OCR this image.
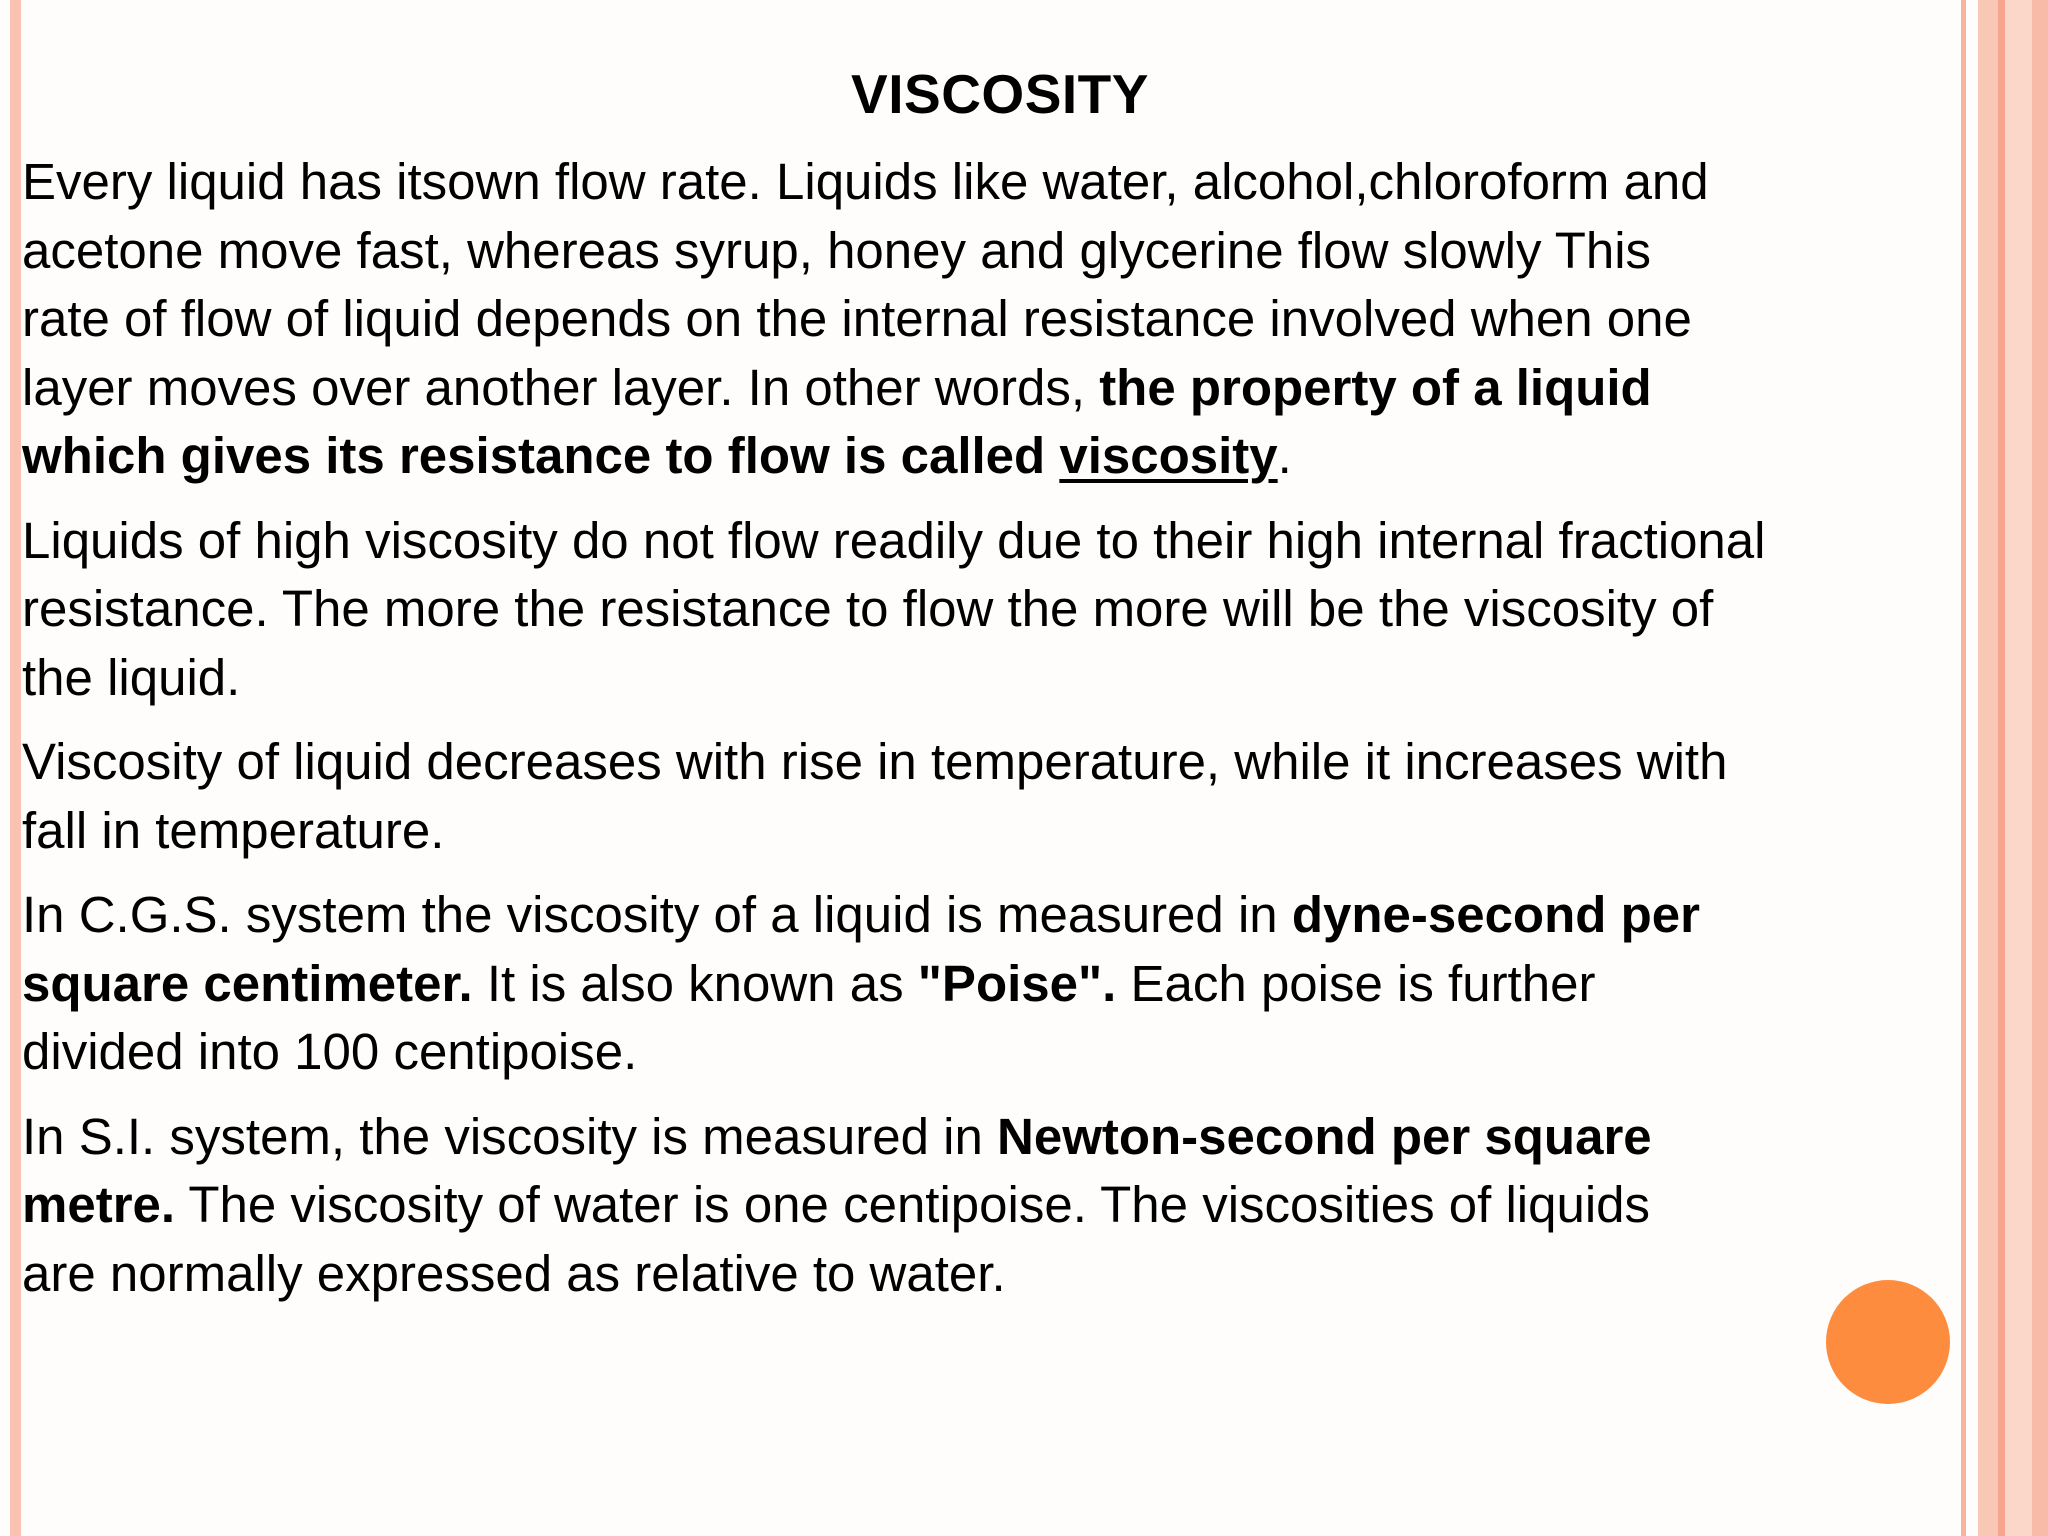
VISCOSITY

Every liquid has itsown flow rate. Liquids like water, alcohol,chloroform and
acetone move fast, whereas syrup, honey and glycerine flow slowly This
rate of flow of liquid depends on the internal resistance involved when one
layer moves over another layer. In other words, the property of a liquid
which gives its resistance to flow is called viscosity.

Liquids of high viscosity do not flow readily due to their high internal fractional
resistance. The more the resistance to flow the more will be the viscosity of
the liquid.

Viscosity of liquid decreases with rise in temperature, while it increases with
fall in temperature.

In C.G.S. system the viscosity of a liquid is measured in dyne-second per
square centimeter. It is also known as "Poise". Each poise is further
divided into 100 centipoise.

In S.I. system, the viscosity is measured in Newton-second per square
metre. The viscosity of water is one centipoise. The viscosities of liquids
are normally expressed as relative to water.
